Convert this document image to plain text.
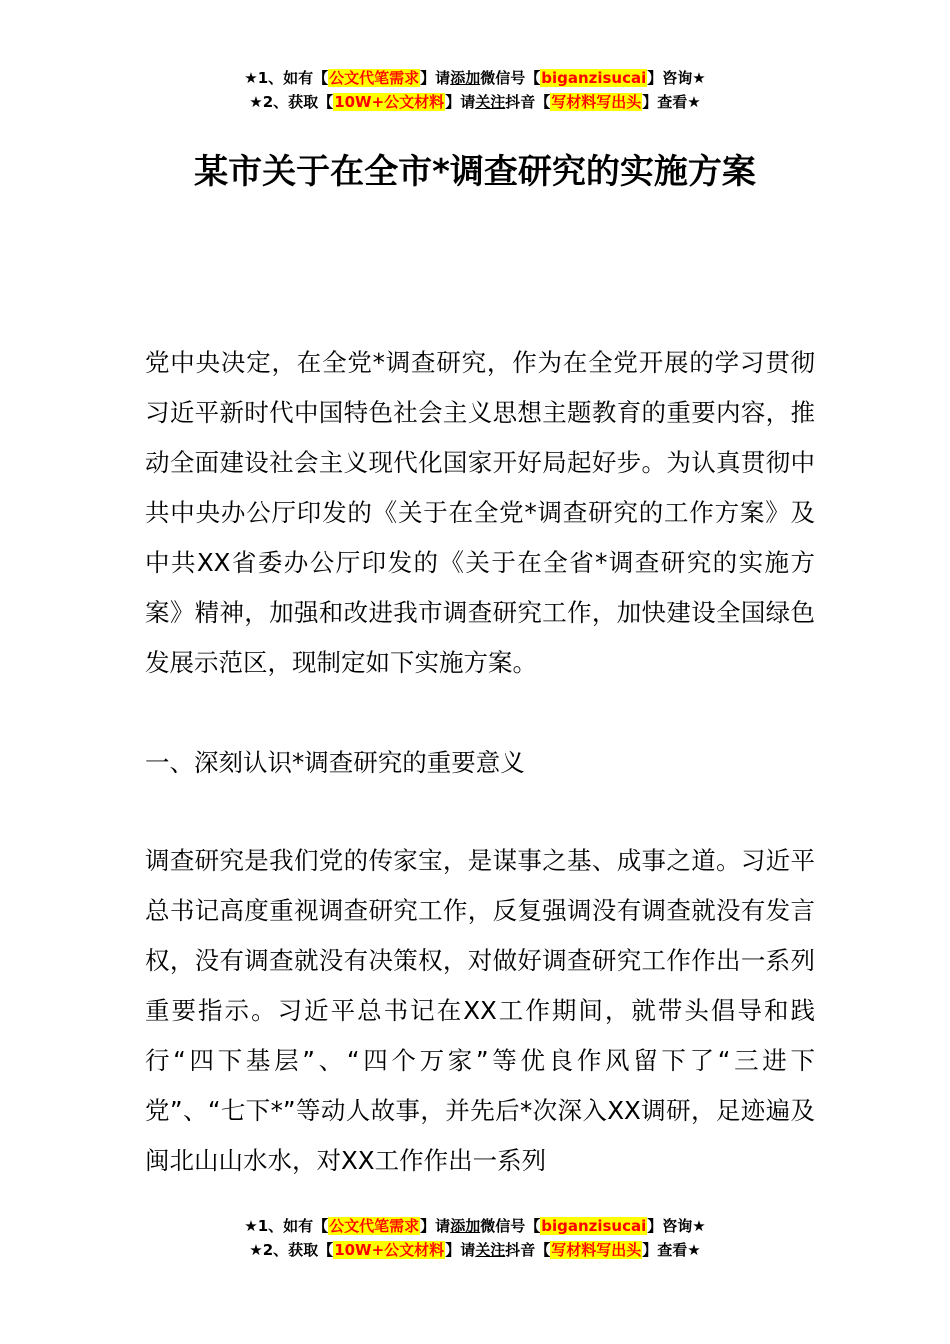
★1、如有【公文代笔需求】请添加微信号【biganzisucai】咨询★
★2、获取【10W+公文材料】请关注抖音【写材料写出头】查看★
某市关于在全市*调查研究的实施方案

党中央决定，在全党*调查研究，作为在全党开展的学习贯彻习近平新时代中国特色社会主义思想主题教育的重要内容，推动全面建设社会主义现代化国家开好局起好步。为认真贯彻中共中央办公厅印发的《关于在全党*调查研究的工作方案》及中共XX省委办公厅印发的《关于在全省*调查研究的实施方案》精神，加强和改进我市调查研究工作，加快建设全国绿色发展示范区，现制定如下实施方案。

一、深刻认识*调查研究的重要意义

调查研究是我们党的传家宝，是谋事之基、成事之道。习近平总书记高度重视调查研究工作，反复强调没有调查就没有发言权，没有调查就没有决策权，对做好调查研究工作作出一系列重要指示。习近平总书记在XX工作期间，就带头倡导和践行“四下基层”、“四个万家”等优良作风留下了“三进下党”、“七下*”等动人故事，并先后*次深入XX调研，足迹遍及闽北山山水水，对XX工作作出一系列

★1、如有【公文代笔需求】请添加微信号【biganzisucai】咨询★
★2、获取【10W+公文材料】请关注抖音【写材料写出头】查看★
